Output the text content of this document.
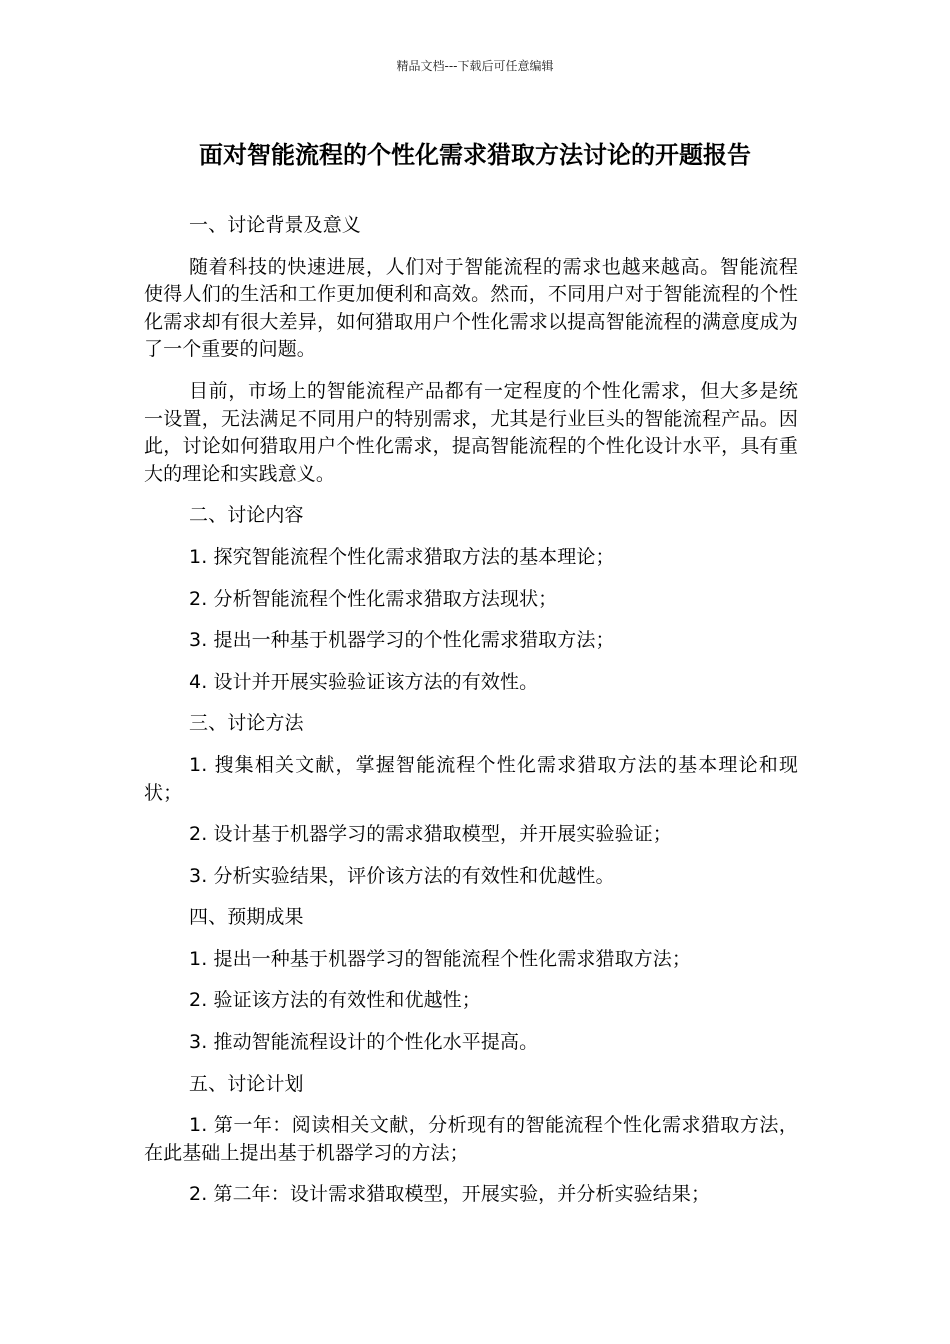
精品文档---下载后可任意编辑
面对智能流程的个性化需求猎取方法讨论的开题报告

一、讨论背景及意义

随着科技的快速进展，人们对于智能流程的需求也越来越高。智能流程使得人们的生活和工作更加便利和高效。然而，不同用户对于智能流程的个性化需求却有很大差异，如何猎取用户个性化需求以提高智能流程的满意度成为了一个重要的问题。

目前，市场上的智能流程产品都有一定程度的个性化需求，但大多是统一设置，无法满足不同用户的特别需求，尤其是行业巨头的智能流程产品。因此，讨论如何猎取用户个性化需求，提高智能流程的个性化设计水平，具有重大的理论和实践意义。

二、讨论内容

1. 探究智能流程个性化需求猎取方法的基本理论；

2. 分析智能流程个性化需求猎取方法现状；

3. 提出一种基于机器学习的个性化需求猎取方法；

4. 设计并开展实验验证该方法的有效性。

三、讨论方法

1. 搜集相关文献，掌握智能流程个性化需求猎取方法的基本理论和现状；

2. 设计基于机器学习的需求猎取模型，并开展实验验证；

3. 分析实验结果，评价该方法的有效性和优越性。

四、预期成果

1. 提出一种基于机器学习的智能流程个性化需求猎取方法；

2. 验证该方法的有效性和优越性；

3. 推动智能流程设计的个性化水平提高。

五、讨论计划

1. 第一年：阅读相关文献，分析现有的智能流程个性化需求猎取方法，在此基础上提出基于机器学习的方法；

2. 第二年：设计需求猎取模型，开展实验，并分析实验结果；
